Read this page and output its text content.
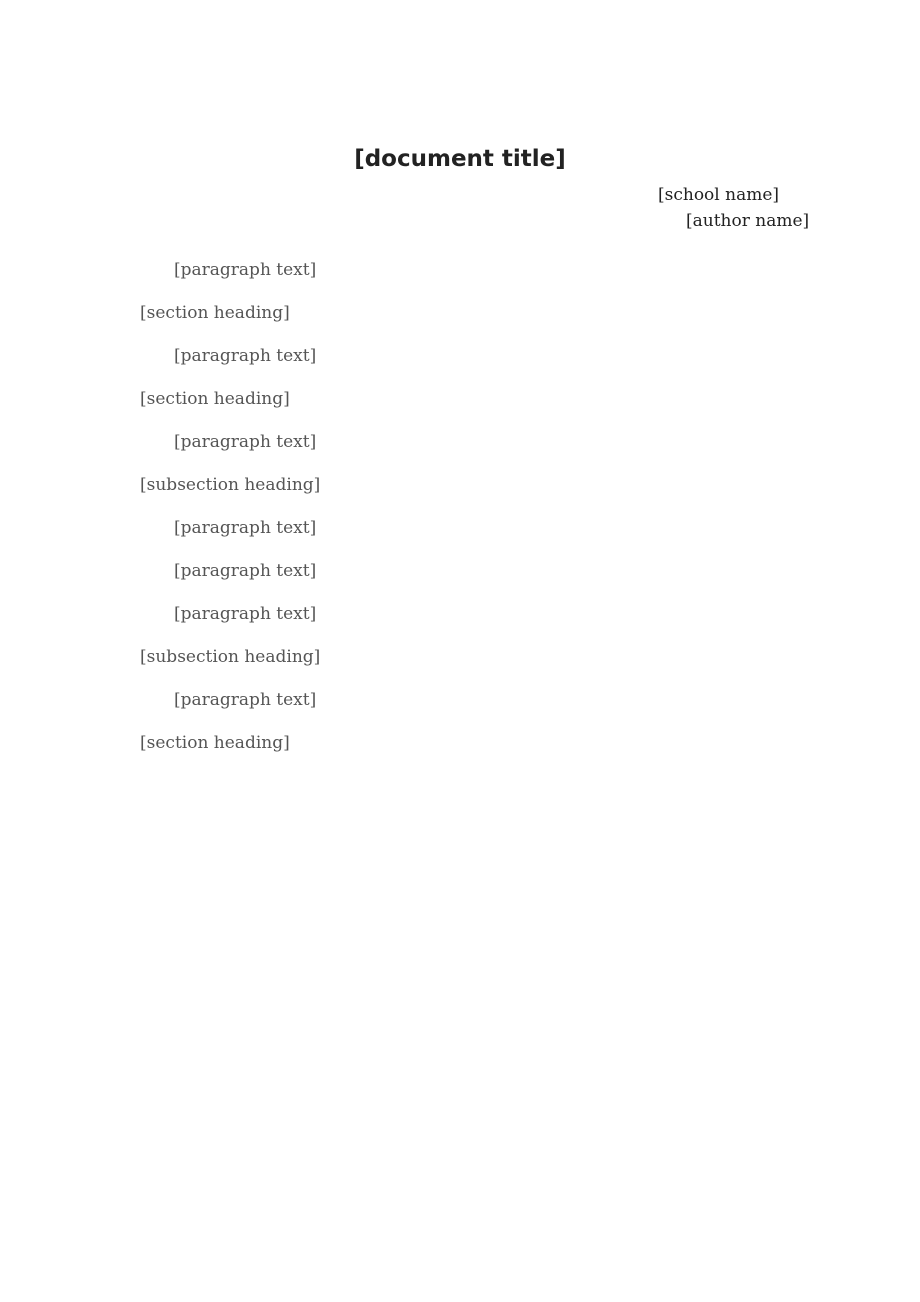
[document title]
[school name]
[author name]

[paragraph text]

[section heading]

[paragraph text]

[section heading]

[paragraph text]

[subsection heading]

[paragraph text]

[paragraph text]

[paragraph text]

[subsection heading]

[paragraph text]

[section heading]
